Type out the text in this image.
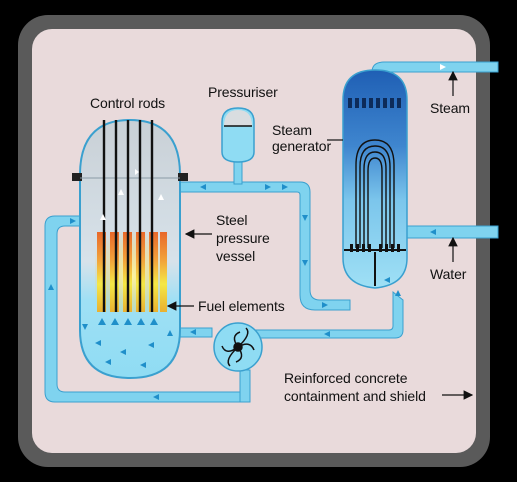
Control rods
Pressuriser
Steam
generator
Steam
Steel
pressure
vessel
Water
Fuel elements
Reinforced concrete
containment and shield
